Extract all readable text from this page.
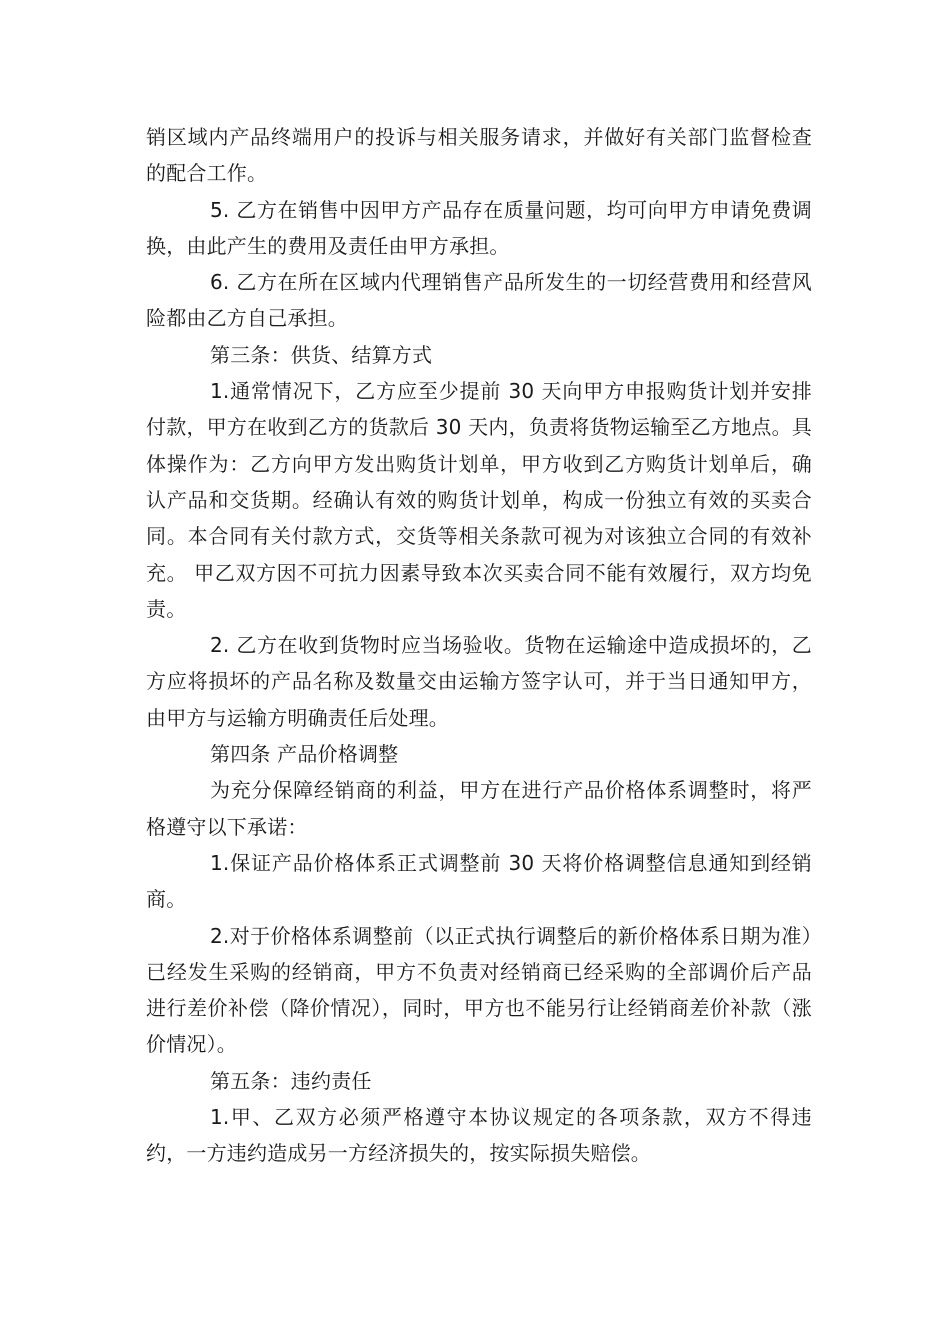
销区域内产品终端用户的投诉与相关服务请求，并做好有关部门监督检查的配合工作。

5. 乙方在销售中因甲方产品存在质量问题，均可向甲方申请免费调换，由此产生的费用及责任由甲方承担。

6. 乙方在所在区域内代理销售产品所发生的一切经营费用和经营风险都由乙方自己承担。

第三条：供货、结算方式

1.通常情况下，乙方应至少提前 30 天向甲方申报购货计划并安排付款，甲方在收到乙方的货款后 30 天内，负责将货物运输至乙方地点。具体操作为：乙方向甲方发出购货计划单，甲方收到乙方购货计划单后，确认产品和交货期。经确认有效的购货计划单，构成一份独立有效的买卖合同。本合同有关付款方式，交货等相关条款可视为对该独立合同的有效补充。 甲乙双方因不可抗力因素导致本次买卖合同不能有效履行，双方均免责。

2. 乙方在收到货物时应当场验收。货物在运输途中造成损坏的，乙方应将损坏的产品名称及数量交由运输方签字认可，并于当日通知甲方，由甲方与运输方明确责任后处理。

第四条 产品价格调整

为充分保障经销商的利益，甲方在进行产品价格体系调整时，将严格遵守以下承诺：

1.保证产品价格体系正式调整前 30 天将价格调整信息通知到经销商。

2.对于价格体系调整前（以正式执行调整后的新价格体系日期为准）已经发生采购的经销商，甲方不负责对经销商已经采购的全部调价后产品进行差价补偿（降价情况），同时，甲方也不能另行让经销商差价补款（涨价情况）。

第五条：违约责任

1.甲、乙双方必须严格遵守本协议规定的各项条款，双方不得违约，一方违约造成另一方经济损失的，按实际损失赔偿。
